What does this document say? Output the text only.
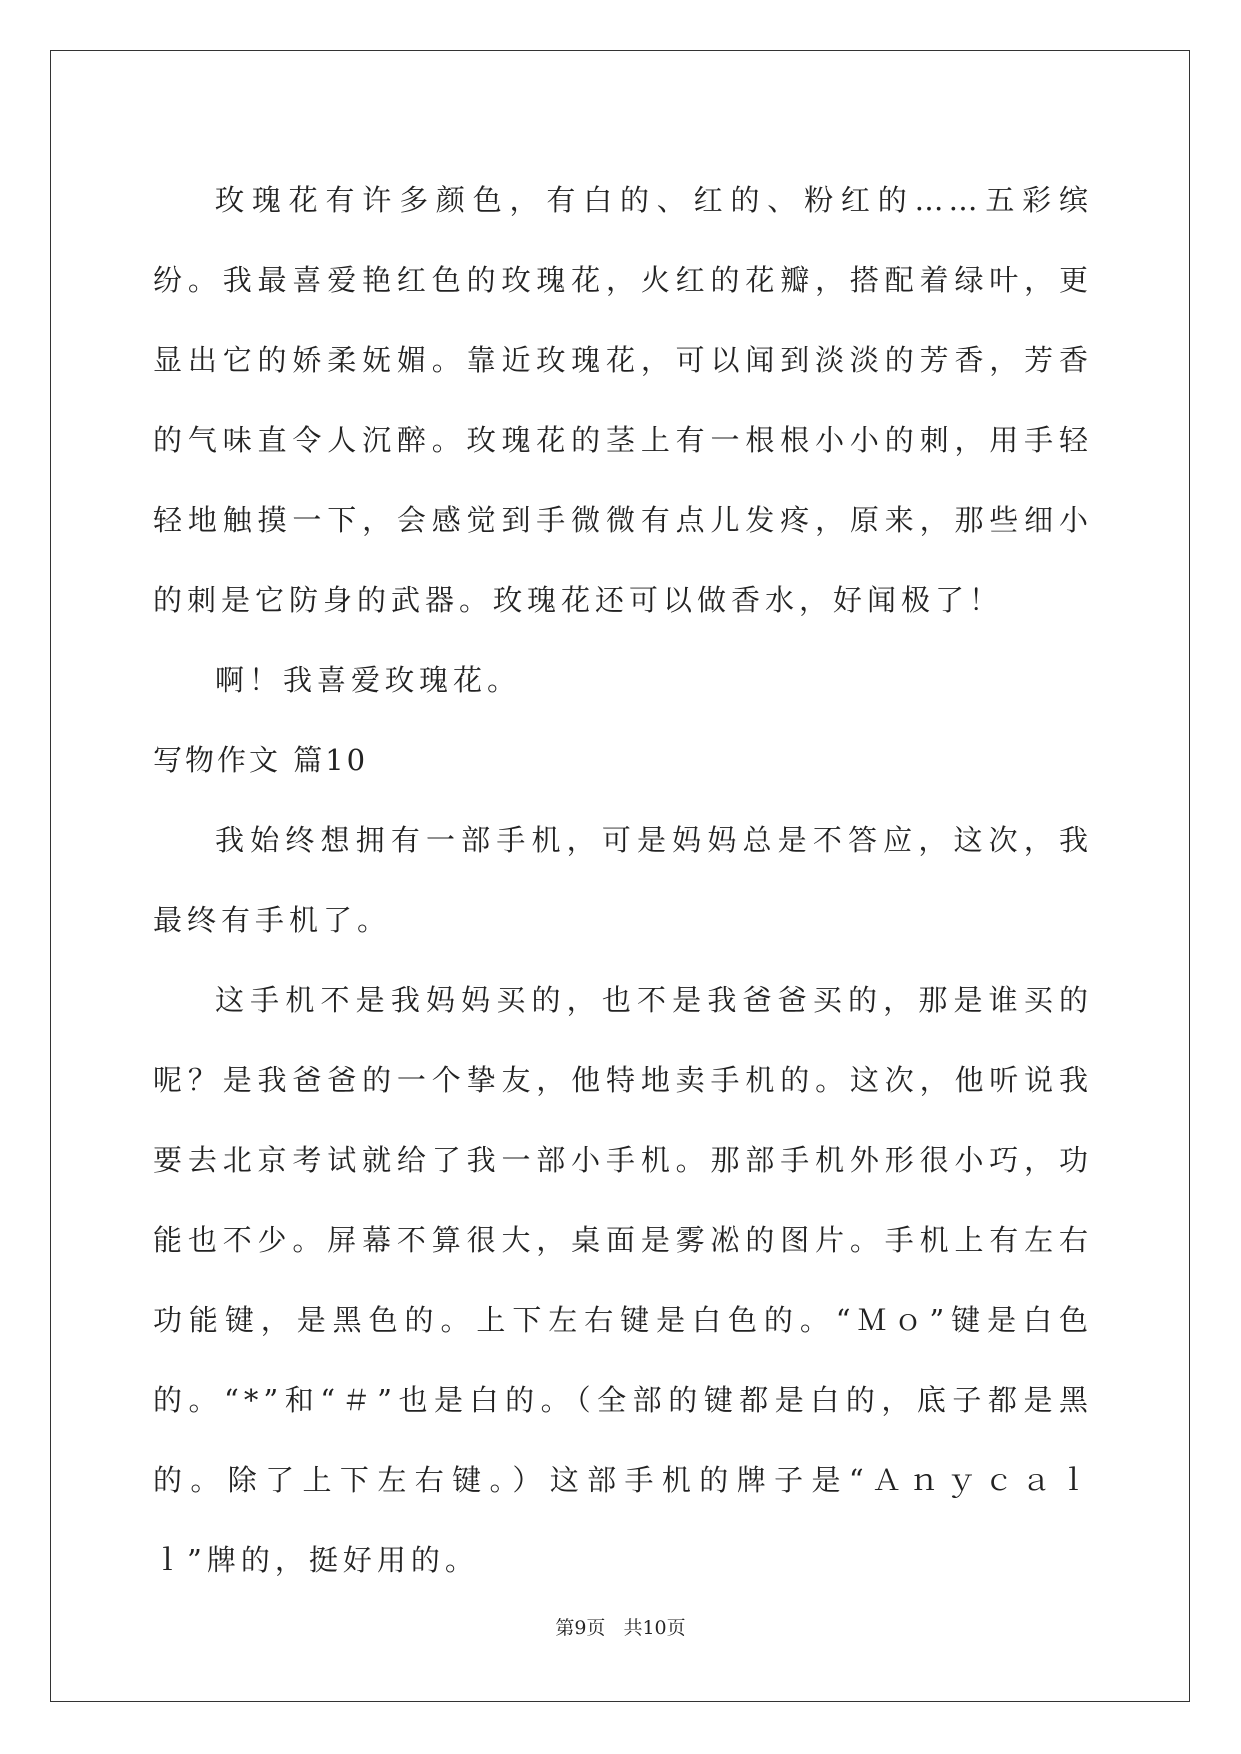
玫瑰花有许多颜色，有白的、红的、粉红的……五彩缤纷。我最喜爱艳红色的玫瑰花，火红的花瓣，搭配着绿叶，更显出它的娇柔妩媚。靠近玫瑰花，可以闻到淡淡的芳香，芳香的气味直令人沉醉。玫瑰花的茎上有一根根小小的刺，用手轻轻地触摸一下，会感觉到手微微有点儿发疼，原来，那些细小的刺是它防身的武器。玫瑰花还可以做香水，好闻极了！

啊！我喜爱玫瑰花。

写物作文 篇10

我始终想拥有一部手机，可是妈妈总是不答应，这次，我最终有手机了。

这手机不是我妈妈买的，也不是我爸爸买的，那是谁买的呢？是我爸爸的一个挚友，他特地卖手机的。这次，他听说我要去北京考试就给了我一部小手机。那部手机外形很小巧，功能也不少。屏幕不算很大，桌面是雾凇的图片。手机上有左右功能键，是黑色的。上下左右键是白色的。“Ｍｏ”键是白色的。“*”和“＃”也是白的。（全部的键都是白的，底子都是黑的。除了上下左右键。）这部手机的牌子是“Ａｎｙｃａｌｌ”牌的，挺好用的。

第9页 共10页
